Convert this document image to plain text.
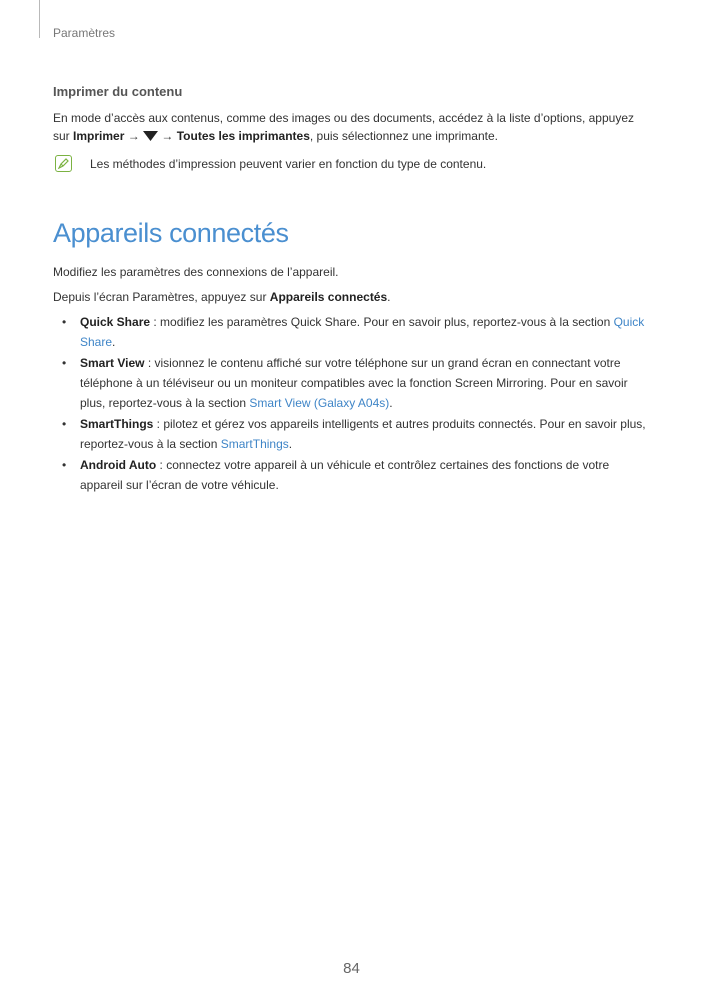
Paramètres
Imprimer du contenu
En mode d’accès aux contenus, comme des images ou des documents, accédez à la liste d’options, appuyez sur Imprimer →  → Toutes les imprimantes, puis sélectionnez une imprimante.
Les méthodes d’impression peuvent varier en fonction du type de contenu.
Appareils connectés
Modifiez les paramètres des connexions de l’appareil.
Depuis l’écran Paramètres, appuyez sur Appareils connectés.
• Quick Share : modifiez les paramètres Quick Share. Pour en savoir plus, reportez-vous à la section Quick Share.
• Smart View : visionnez le contenu affiché sur votre téléphone sur un grand écran en connectant votre téléphone à un téléviseur ou un moniteur compatibles avec la fonction Screen Mirroring. Pour en savoir plus, reportez-vous à la section Smart View (Galaxy A04s).
• SmartThings : pilotez et gérez vos appareils intelligents et autres produits connectés. Pour en savoir plus, reportez-vous à la section SmartThings.
• Android Auto : connectez votre appareil à un véhicule et contrôlez certaines des fonctions de votre appareil sur l’écran de votre véhicule.
84
